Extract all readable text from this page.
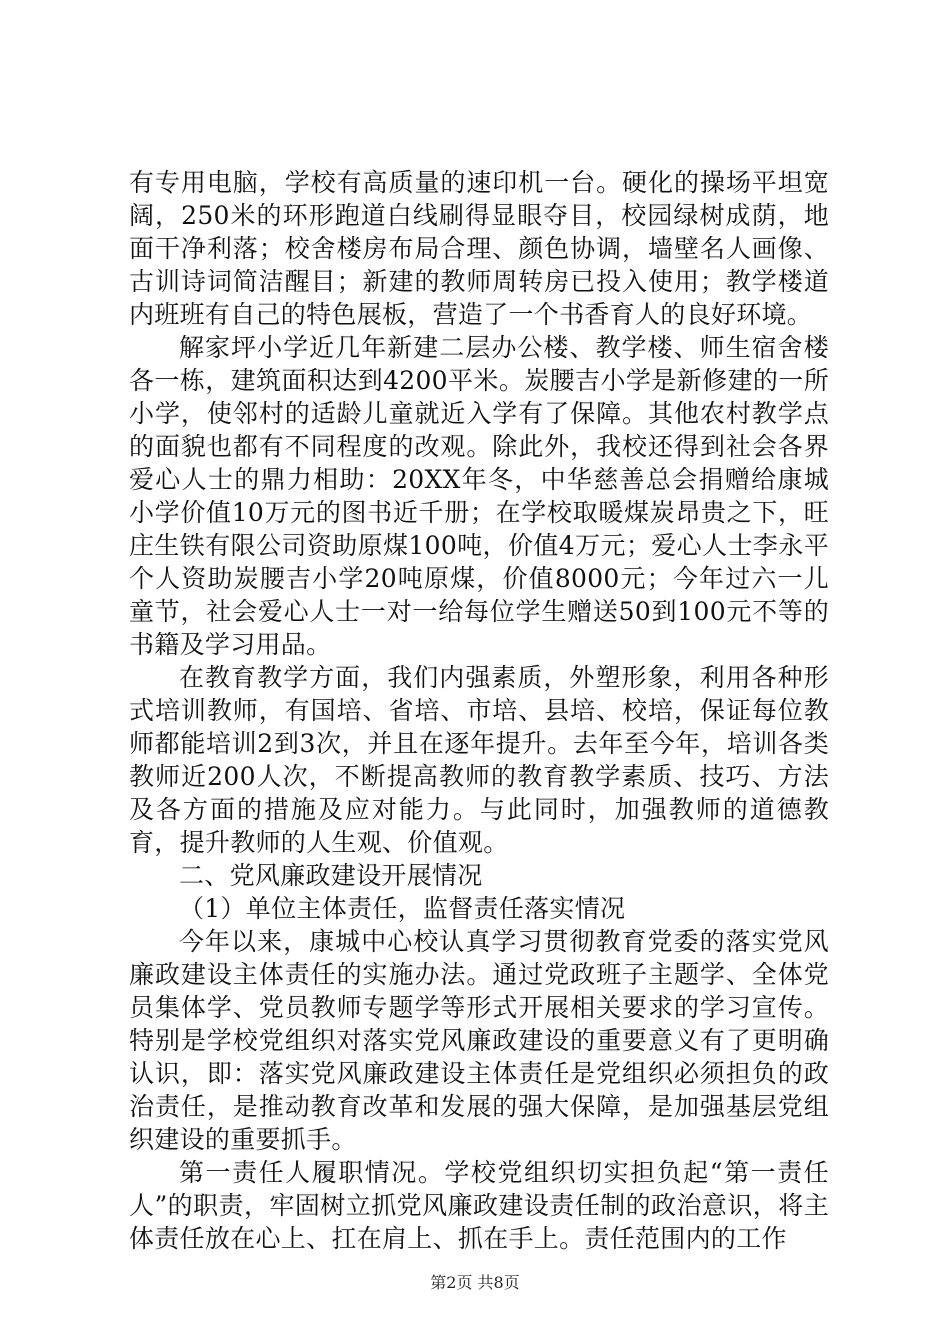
有专用电脑，学校有高质量的速印机一台。硬化的操场平坦宽阔，250米的环形跑道白线刷得显眼夺目，校园绿树成荫，地面干净利落；校舍楼房布局合理、颜色协调，墙壁名人画像、古训诗词简洁醒目；新建的教师周转房已投入使用；教学楼道内班班有自己的特色展板，营造了一个书香育人的良好环境。

解家坪小学近几年新建二层办公楼、教学楼、师生宿舍楼各一栋，建筑面积达到4200平米。炭腰吉小学是新修建的一所小学，使邻村的适龄儿童就近入学有了保障。其他农村教学点的面貌也都有不同程度的改观。除此外，我校还得到社会各界爱心人士的鼎力相助：20XX年冬，中华慈善总会捐赠给康城小学价值10万元的图书近千册；在学校取暖煤炭昂贵之下，旺庄生铁有限公司资助原煤100吨，价值4万元；爱心人士李永平个人资助炭腰吉小学20吨原煤，价值8000元；今年过六一儿童节，社会爱心人士一对一给每位学生赠送50到100元不等的书籍及学习用品。

在教育教学方面，我们内强素质，外塑形象，利用各种形式培训教师，有国培、省培、市培、县培、校培，保证每位教师都能培训2到3次，并且在逐年提升。去年至今年，培训各类教师近200人次，不断提高教师的教育教学素质、技巧、方法及各方面的措施及应对能力。与此同时，加强教师的道德教育，提升教师的人生观、价值观。

二、党风廉政建设开展情况

（1）单位主体责任，监督责任落实情况

今年以来，康城中心校认真学习贯彻教育党委的落实党风廉政建设主体责任的实施办法。通过党政班子主题学、全体党员集体学、党员教师专题学等形式开展相关要求的学习宣传。特别是学校党组织对落实党风廉政建设的重要意义有了更明确认识，即：落实党风廉政建设主体责任是党组织必须担负的政治责任，是推动教育改革和发展的强大保障，是加强基层党组织建设的重要抓手。

第一责任人履职情况。学校党组织切实担负起“第一责任人”的职责，牢固树立抓党风廉政建设责任制的政治意识，将主体责任放在心上、扛在肩上、抓在手上。责任范围内的工作

第2页 共8页
